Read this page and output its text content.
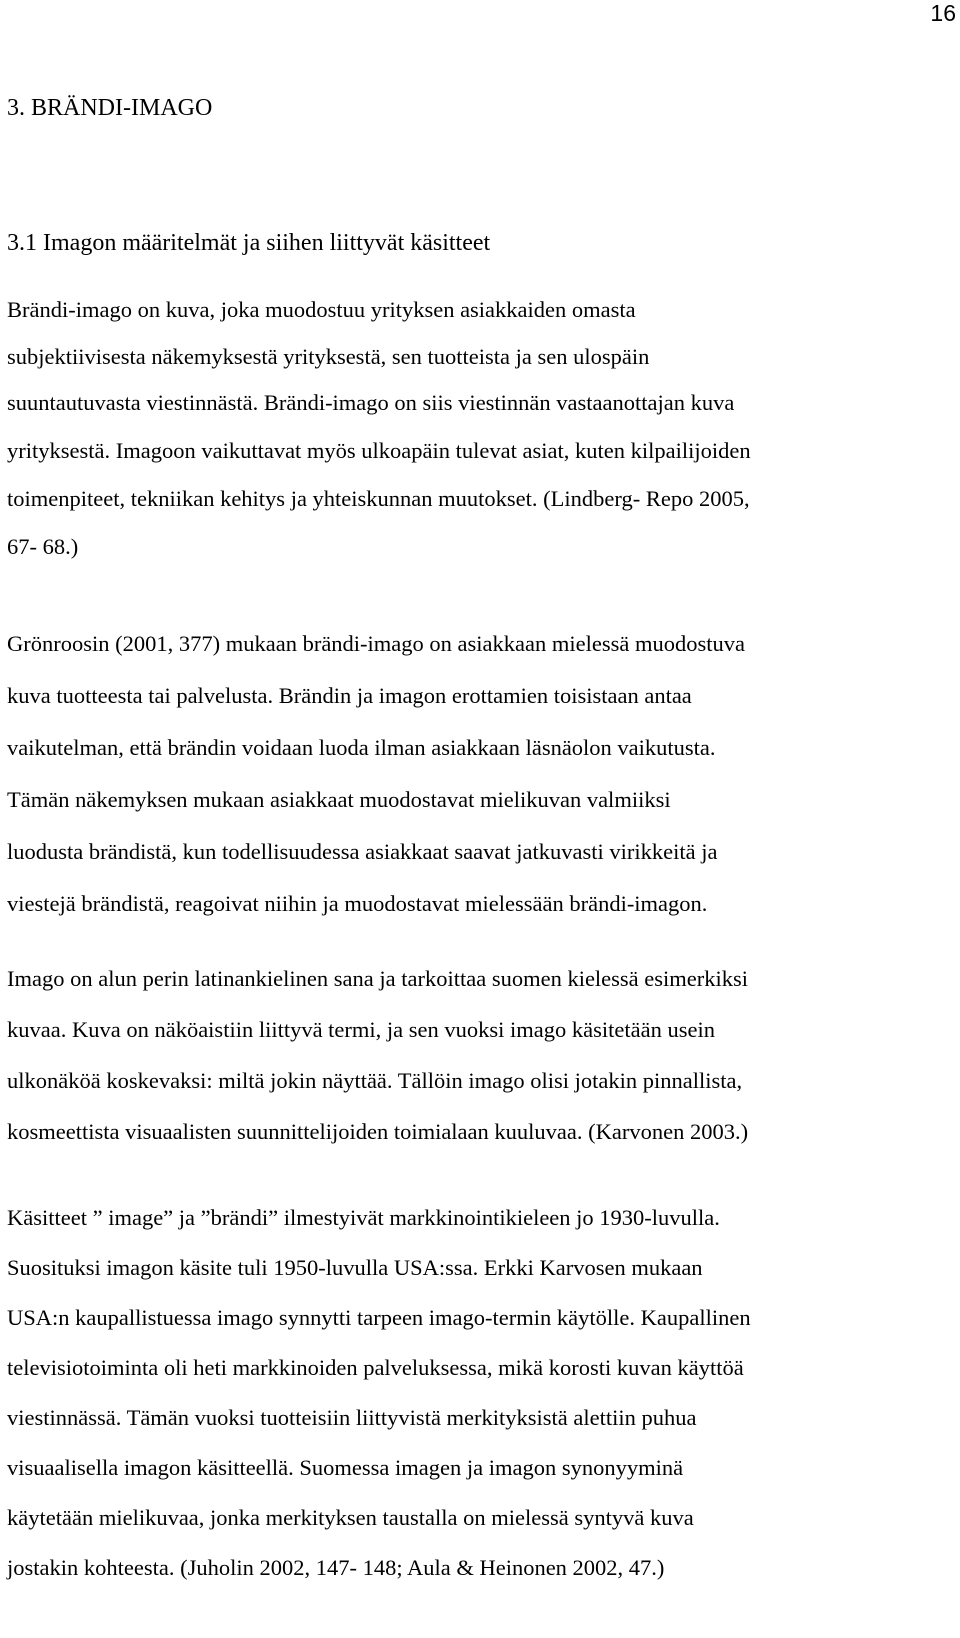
16
3. BRÄNDI-IMAGO
3.1 Imagon määritelmät ja siihen liittyvät käsitteet

Brändi-imago on kuva, joka muodostuu yrityksen asiakkaiden omasta
subjektiivisesta näkemyksestä yrityksestä, sen tuotteista ja sen ulospäin
suuntautuvasta viestinnästä. Brändi-imago on siis viestinnän vastaanottajan kuva
yrityksestä. Imagoon vaikuttavat myös ulkoapäin tulevat asiat, kuten kilpailijoiden
toimenpiteet, tekniikan kehitys ja yhteiskunnan muutokset. (Lindberg- Repo 2005,
67- 68.)

Grönroosin (2001, 377) mukaan brändi-imago on asiakkaan mielessä muodostuva
kuva tuotteesta tai palvelusta. Brändin ja imagon erottamien toisistaan antaa
vaikutelman, että brändin voidaan luoda ilman asiakkaan läsnäolon vaikutusta.
Tämän näkemyksen mukaan asiakkaat muodostavat mielikuvan valmiiksi
luodusta brändistä, kun todellisuudessa asiakkaat saavat jatkuvasti virikkeitä ja
viestejä brändistä, reagoivat niihin ja muodostavat mielessään brändi-imagon.

Imago on alun perin latinankielinen sana ja tarkoittaa suomen kielessä esimerkiksi
kuvaa. Kuva on näköaistiin liittyvä termi, ja sen vuoksi imago käsitetään usein
ulkonäköä koskevaksi: miltä jokin näyttää. Tällöin imago olisi jotakin pinnallista,
kosmeettista visuaalisten suunnittelijoiden toimialaan kuuluvaa. (Karvonen 2003.)

Käsitteet ” image” ja ”brändi” ilmestyivät markkinointikieleen jo 1930-luvulla.
Suosituksi imagon käsite tuli 1950-luvulla USA:ssa. Erkki Karvosen mukaan
USA:n kaupallistuessa imago synnytti tarpeen imago-termin käytölle. Kaupallinen
televisiotoiminta oli heti markkinoiden palveluksessa, mikä korosti kuvan käyttöä
viestinnässä. Tämän vuoksi tuotteisiin liittyvistä merkityksistä alettiin puhua
visuaalisella imagon käsitteellä. Suomessa imagen ja imagon synonyyminä
käytetään mielikuvaa, jonka merkityksen taustalla on mielessä syntyvä kuva
jostakin kohteesta. (Juholin 2002, 147- 148; Aula & Heinonen 2002, 47.)
